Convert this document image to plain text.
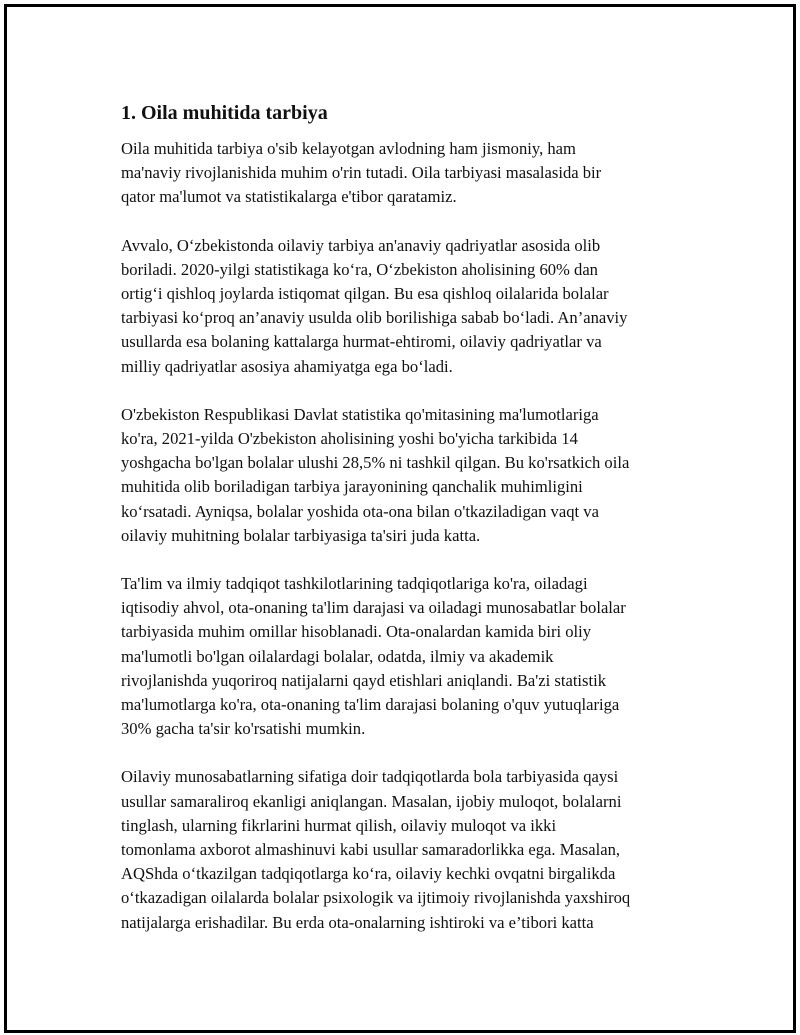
1. Oila muhitida tarbiya

Oila muhitida tarbiya o'sib kelayotgan avlodning ham jismoniy, ham
ma'naviy rivojlanishida muhim o'rin tutadi. Oila tarbiyasi masalasida bir
qator ma'lumot va statistikalarga e'tibor qaratamiz.

Avvalo, O‘zbekistonda oilaviy tarbiya an'anaviy qadriyatlar asosida olib
boriladi. 2020-yilgi statistikaga ko‘ra, O‘zbekiston aholisining 60% dan
ortig‘i qishloq joylarda istiqomat qilgan. Bu esa qishloq oilalarida bolalar
tarbiyasi ko‘proq an’anaviy usulda olib borilishiga sabab bo‘ladi. An’anaviy
usullarda esa bolaning kattalarga hurmat-ehtiromi, oilaviy qadriyatlar va
milliy qadriyatlar asosiya ahamiyatga ega bo‘ladi.

O'zbekiston Respublikasi Davlat statistika qo'mitasining ma'lumotlariga
ko'ra, 2021-yilda O'zbekiston aholisining yoshi bo'yicha tarkibida 14
yoshgacha bo'lgan bolalar ulushi 28,5% ni tashkil qilgan. Bu ko'rsatkich oila
muhitida olib boriladigan tarbiya jarayonining qanchalik muhimligini
ko‘rsatadi. Ayniqsa, bolalar yoshida ota-ona bilan o'tkaziladigan vaqt va
oilaviy muhitning bolalar tarbiyasiga ta'siri juda katta.

Ta'lim va ilmiy tadqiqot tashkilotlarining tadqiqotlariga ko'ra, oiladagi
iqtisodiy ahvol, ota-onaning ta'lim darajasi va oiladagi munosabatlar bolalar
tarbiyasida muhim omillar hisoblanadi. Ota-onalardan kamida biri oliy
ma'lumotli bo'lgan oilalardagi bolalar, odatda, ilmiy va akademik
rivojlanishda yuqoriroq natijalarni qayd etishlari aniqlandi. Ba'zi statistik
ma'lumotlarga ko'ra, ota-onaning ta'lim darajasi bolaning o'quv yutuqlariga
30% gacha ta'sir ko'rsatishi mumkin.

Oilaviy munosabatlarning sifatiga doir tadqiqotlarda bola tarbiyasida qaysi
usullar samaraliroq ekanligi aniqlangan. Masalan, ijobiy muloqot, bolalarni
tinglash, ularning fikrlarini hurmat qilish, oilaviy muloqot va ikki
tomonlama axborot almashinuvi kabi usullar samaradorlikka ega. Masalan,
AQShda o‘tkazilgan tadqiqotlarga ko‘ra, oilaviy kechki ovqatni birgalikda
o‘tkazadigan oilalarda bolalar psixologik va ijtimoiy rivojlanishda yaxshiroq
natijalarga erishadilar. Bu erda ota-onalarning ishtiroki va e’tibori katta
